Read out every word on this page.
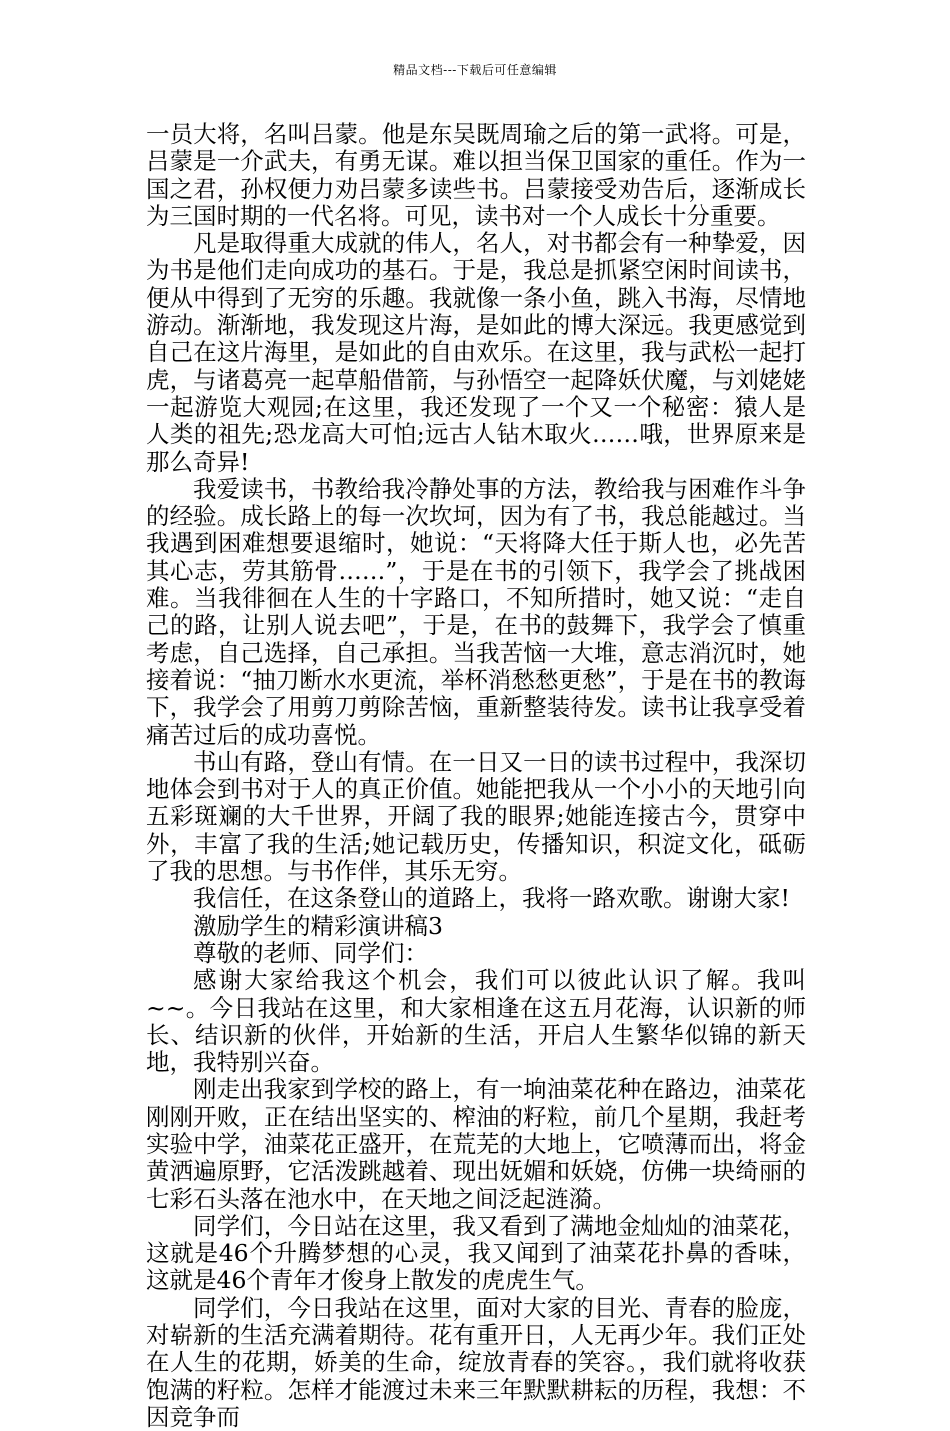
精品文档---下载后可任意编辑

一员大将，名叫吕蒙。他是东吴既周瑜之后的第一武将。可是，吕蒙是一介武夫，有勇无谋。难以担当保卫国家的重任。作为一国之君，孙权便力劝吕蒙多读些书。吕蒙接受劝告后，逐渐成长为三国时期的一代名将。可见，读书对一个人成长十分重要。

凡是取得重大成就的伟人，名人，对书都会有一种挚爱，因为书是他们走向成功的基石。于是，我总是抓紧空闲时间读书，便从中得到了无穷的乐趣。我就像一条小鱼，跳入书海，尽情地游动。渐渐地，我发现这片海，是如此的博大深远。我更感觉到自己在这片海里，是如此的自由欢乐。在这里，我与武松一起打虎，与诸葛亮一起草船借箭，与孙悟空一起降妖伏魔，与刘姥姥一起游览大观园;在这里，我还发现了一个又一个秘密：猿人是人类的祖先;恐龙高大可怕;远古人钻木取火……哦，世界原来是那么奇异!

我爱读书，书教给我冷静处事的方法，教给我与困难作斗争的经验。成长路上的每一次坎坷，因为有了书，我总能越过。当我遇到困难想要退缩时，她说：“天将降大任于斯人也，必先苦其心志，劳其筋骨……”，于是在书的引领下，我学会了挑战困难。当我徘徊在人生的十字路口，不知所措时，她又说：“走自己的路，让别人说去吧”，于是，在书的鼓舞下，我学会了慎重考虑，自己选择，自己承担。当我苦恼一大堆，意志消沉时，她接着说：“抽刀断水水更流，举杯消愁愁更愁”，于是在书的教诲下，我学会了用剪刀剪除苦恼，重新整装待发。读书让我享受着痛苦过后的成功喜悦。

书山有路，登山有情。在一日又一日的读书过程中，我深切地体会到书对于人的真正价值。她能把我从一个小小的天地引向五彩斑斓的大千世界，开阔了我的眼界;她能连接古今，贯穿中外，丰富了我的生活;她记载历史，传播知识，积淀文化，砥砺了我的思想。与书作伴，其乐无穷。

我信任，在这条登山的道路上，我将一路欢歌。谢谢大家!

激励学生的精彩演讲稿3

尊敬的老师、同学们：

感谢大家给我这个机会，我们可以彼此认识了解。我叫~~。今日我站在这里，和大家相逢在这五月花海，认识新的师长、结识新的伙伴，开始新的生活，开启人生繁华似锦的新天地，我特别兴奋。

刚走出我家到学校的路上，有一垧油菜花种在路边，油菜花刚刚开败，正在结出坚实的、榨油的籽粒，前几个星期，我赶考实验中学，油菜花正盛开，在荒芜的大地上，它喷薄而出，将金黄洒遍原野，它活泼跳越着、现出妩媚和妖娆，仿佛一块绮丽的七彩石头落在池水中，在天地之间泛起涟漪。

同学们，今日站在这里，我又看到了满地金灿灿的油菜花，这就是46个升腾梦想的心灵，我又闻到了油菜花扑鼻的香味，这就是46个青年才俊身上散发的虎虎生气。

同学们，今日我站在这里，面对大家的目光、青春的脸庞，对崭新的生活充满着期待。花有重开日，人无再少年。我们正处在人生的花期，娇美的生命，绽放青春的笑容。，我们就将收获饱满的籽粒。怎样才能渡过未来三年默默耕耘的历程，我想：不因竞争而
